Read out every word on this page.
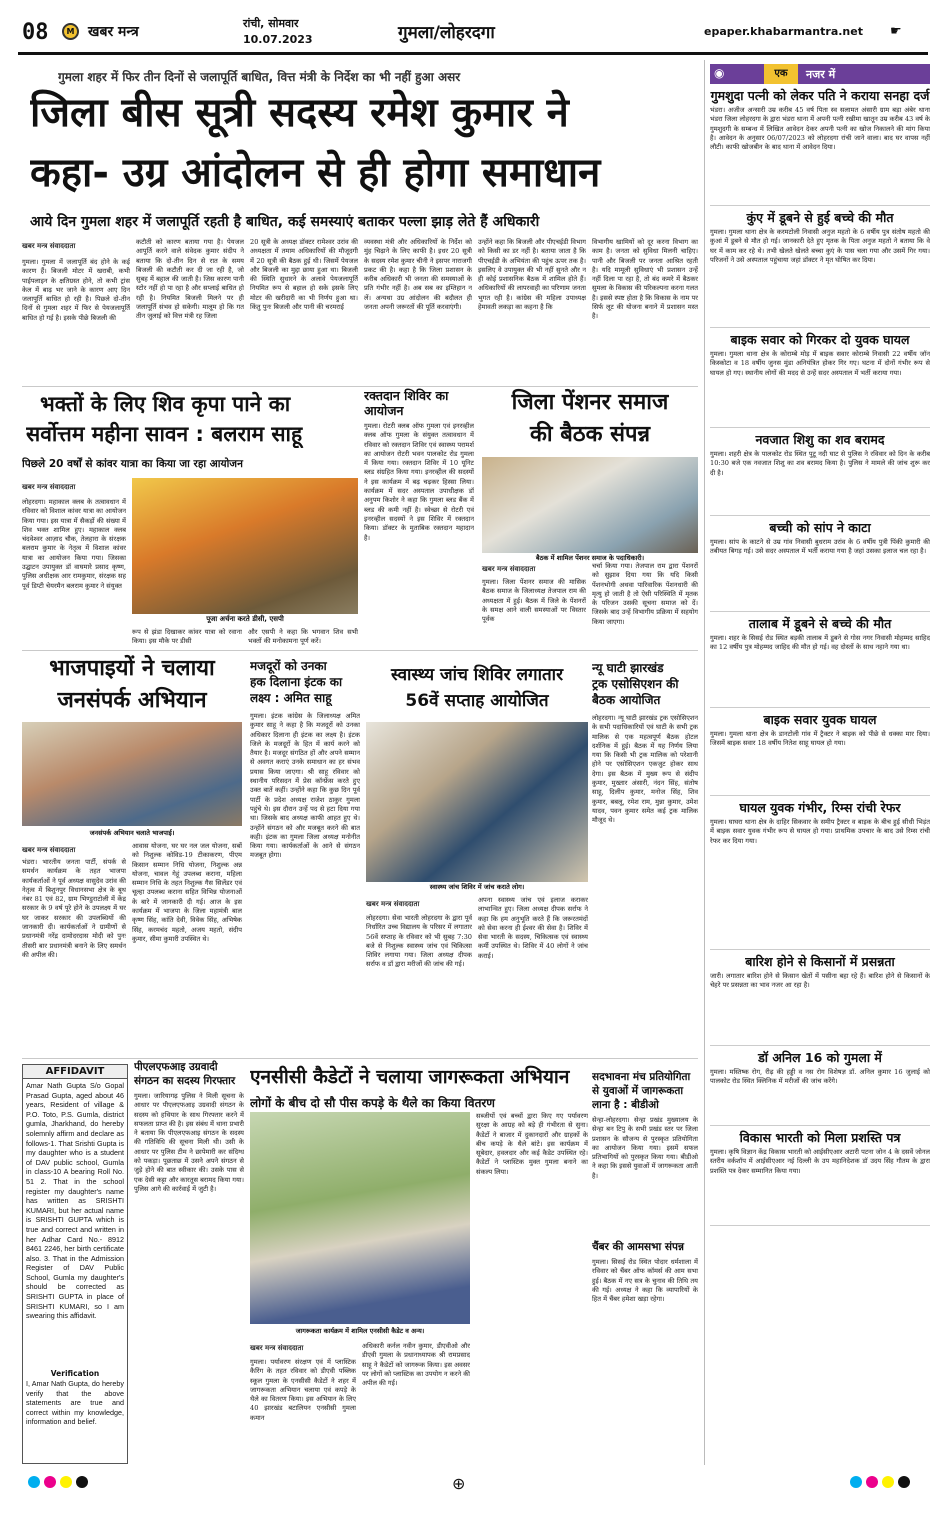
08	M खबर मन्त्र
रांची, सोमवार
10.07.2023	गुमला/लोहरदगा	epaper.khabarmantra.net ☛
गुमला शहर में फिर तीन दिनों से जलापूर्ति बाधित, वित्त मंत्री के निर्देश का भी नहीं हुआ असर
जिला बीस सूत्री सदस्य रमेश कुमार ने
कहा- उग्र आंदोलन से ही होगा समाधान
आये दिन गुमला शहर में जलापूर्ति रहती है बाधित, कई समस्याएं बताकर पल्ला झाड़ लेते हैं अधिकारी
खबर मन्त्र संवाददाता
गुमला। गुमला में जलापूर्ति बंद होने के कई कारण हैं। बिजली मोटर में खराबी, कभी पाईपलाइन के क्षतिग्रस्त होने, तो कभी ट्रांस केल में बाढ़ भर जाने के कारण आए दिन जलापूर्ति बाधित हो रही है। पिछले दो-तीन दिनों से गुमला शहर में फिर से पेयजलापूर्ति बाधित हो गई है। इसके पीछे बिजली की
कटौती को कारण बताया गया है। पेयजल आपूर्ति करने वाले संवेदक कुमार संदीप ने बताया कि दो-तीन दिन से रात के समय बिजली की कटौती कर दी जा रही है, जो सुबह में बहाल की जाती है। जिस कारण पानी स्टोर नहीं हो पा रहा है और सप्लाई बाधित हो रही है। नियमित बिजली मिलने पर ही जलापूर्ति संभव हो सकेगी। मालूम हो कि गत तीन जुलाई को वित्त मंत्री रह जिला
20 सूत्री के अध्यक्ष डॉक्टर रामेश्वर उरांव की अध्यक्षता में तमाम अधिकारियों की मौजूदगी में 20 सूत्री की बैठक हुई थी। जिसमें पेयजल और बिजली का मुद्दा छाया हुआ था। बिजली की स्थिति सुधारने के अलावे पेयजलापूर्ति नियमित रूप से बहाल हो सके इसके लिए मोटर की खरीदारी का भी निर्णय हुआ था। किंतु पुनः बिजली और पानी की चरमराई
व्यवस्था मंत्री और अधिकारियों के निर्देश को मुंह चिढ़ाने के लिए काफी है। इधर 20 सूत्री के सदस्य रमेश कुमार चीनी ने इसपर नाराजगी प्रकट की है। कहा है कि जिला प्रशासन के करीब अधिकारी भी जनता की समस्याओं के प्रति गंभीर नहीं है। अब सब का इम्तिहान न लें। अन्यथा उग्र आंदोलन की बदौलत ही जनता अपनी जरूरतों की पूर्ति करवाएंगी।
उन्होंने कहा कि बिजली और पीएचईडी विभाग को किसी का डर नहीं है। बताया जाता है कि पीएचईडी के अभियंता की पहुंच ऊपर तक है। इसलिए वे उपायुक्त की भी नहीं सुनते और न ही कोई प्रशासनिक बैठक में शामिल होते हैं। अधिकारियों की लापरवाही का परिणाम जनता भुगत रही है। कांग्रेस की महिला उपाध्यक्ष हेमावती लकड़ा का कहना है कि
विभागीय खामियों को दूर करना विभाग का काम है। जनता को सुविधा मिलनी चाहिए। पानी और बिजली पर जनता आश्रित रहती है। यदि मामूली सुविधाएं भी प्रशासन उन्हें नहीं दिला पा रहा है, तो बंद कमरे में बैठकर सुमला के विकास की परिकल्पना करना गलत है। इससे स्पष्ट होता है कि विकास के नाम पर सिर्फ लूट की योजना बनाने में प्रशासन मस्त है।
भक्तों के लिए शिव कृपा पाने का
सर्वोत्तम महीना सावन : बलराम साहू
पिछले 20 वर्षों से कांवर यात्रा का किया जा रहा आयोजन
खबर मन्त्र संवाददाता
लोहरदगा। महाकाल क्लब के तत्वावधान में रविवार को विशाल कांवर यात्रा का आयोजन किया गया। इस यात्रा में सैकड़ों की संख्या में शिव भक्त शामिल हुए। महाकाल क्लब चंदवेश्वर आज़ाद चौक, तेलहारा के संरक्षक बलराम कुमार के नेतृत्व में विशाल कांवर यात्रा का आयोजन किया गया। जिसका उद्घाटन उपायुक्त डॉ वाघमारे प्रसाद कृष्ण, पुलिस अधीक्षक आर रामकुमार, संरक्षक सह पूर्व डिप्टी चेयरमैन बलराम कुमार ने संयुक्त
पूजा अर्चना करते डीसी, एसपी
रूप से झंडा दिखाकर कांवर यात्रा को रवाना किया। इस मौके पर डीसी
और एसपी ने कहा कि भगवान शिव सभी भक्तों की मनोकामना पूर्ण करें।
रक्तदान शिविर का आयोजन
गुमला। रोटरी क्लब ऑफ गुमला एवं इनरव्हील क्लब ऑफ गुमला के संयुक्त तत्वावधान में रविवार को रक्तदान शिविर एवं स्वास्थ्य परामर्श का आयोजन रोटरी भवन पालकोट रोड गुमला में किया गया। रक्तदान शिविर में 10 यूनिट ब्लड संग्रहित किया गया। इनरव्हील की सदस्यों ने इस कार्यक्रम में बढ़ चढ़कर हिस्सा लिया। कार्यक्रम में सदर अस्पताल उपाधीक्षक डॉ अनुपम किशोर ने कहा कि गुमला ब्लड बैंक में ब्लड की कमी नहीं है। स्वेच्छा से रोटरी एवं इनरव्हील सदस्यों ने इस शिविर में रक्तदान किया। डॉक्टर के मुताबिक रक्तदान महादान है।
जिला पेंशनर समाज
की बैठक संपन्न
बैठक में शामिल पेंशनर समाज के पदाधिकारी।
खबर मन्त्र संवाददाता
गुमला। जिला पेंशनर समाज की मासिक बैठक समाज के जिलाध्यक्ष तेजपाल राम की अध्यक्षता में हुई। बैठक में जिले के पेंशनरों के समक्ष आने वाली समस्याओं पर विस्तार पूर्वक
चर्चा किया गया। तेजपाल राम द्वारा पेंशनरों को सुझाव दिया गया कि यदि किसी पेंशनभोगी अथवा पारिवारिक पेंशनधारी की मृत्यु हो जाती है तो ऐसी परिस्थिति में मृतक के परिजन उसकी सूचना समाज को दें। जिसके बाद उन्हें विभागीय प्रक्रिया में सहयोग किया जाएगा।
भाजपाइयों ने चलाया
जनसंपर्क अभियान
जनसंपर्क अभियान चलाते भाजपाई।
खबर मन्त्र संवाददाता
भंडरा। भारतीय जनता पार्टी, संपर्क से समर्थन कार्यक्रम के तहत भाजपा कार्यकर्ताओं ने पूर्व अध्यक्ष वासुदेव उरांव की नेतृत्व में बिशुनपुर विधानसभा क्षेत्र के बूथ नंबर 81 एवं 82, ग्राम भिण्डुराटोली में केंद्र सरकार के 9 वर्ष पूरे होने के उपलक्ष्य में घर घर जाकर सरकार की उपलब्धियों की जानकारी दी। कार्यकर्ताओं ने ग्रामीणों से प्रधानमंत्री नरेंद्र दामोदरदास मोदी को पुनः तीसरी बार प्रधानमंत्री बनाने के लिए समर्थन की अपील की।
आवास योजना, घर घर नल जल योजना, सबों को निशुल्क कोविड-19 टीकाकरण, पीएम किसान सम्मान निधि योजना, निशुल्क अन्न योजना, चावल गेहूं उपलब्ध कराना, महिला सम्मान निधि के तहत निशुल्क गैस सिलेंडर एवं चूल्हा उपलब्ध कराना सहित विभिन्न योजनाओं के बारे में जानकारी दी गई। आज के इस कार्यक्रम में भाजपा के जिला महामंत्री बाल कृष्ण सिंह, कांति देवी, विवेक सिंह, अभिषेक सिंह, करमचंद महतो, अजय महतो, संदीप कुमार, सीमा कुमारी उपस्थित थे।
मजदूरों को उनका
हक दिलाना इंटक का
लक्ष्य : अमित साहू
गुमला। इंटक कांग्रेस के जिलाध्यक्ष अमित कुमार साहू ने कहा है कि मजदूरों को उनका अधिकार दिलाना ही इंटक का लक्ष्य है। इंटक जिले के मजदूरों के हित में कार्य करने को तैयार है। मजदूर संगठित हों और अपने सम्मान से अवगत कराएं उनके समाधान का हर संभव प्रयास किया जाएगा। श्री साहू रविवार को स्थानीय परिसदन में प्रेस कॉन्फ्रेंस करते हुए उक्त बातें कहीं। उन्होंने कहा कि कुछ दिन पूर्व पार्टी के प्रदेश अध्यक्ष राजेश ठाकुर गुमला पहुंचे थे। इस दौरान उन्हें पद से हटा दिया गया था। जिसके बाद अध्यक्ष काफी आहत हुए थे। उन्होंने संगठन को और मजबूत करने की बात कही। इंटक का गुमला जिला अध्यक्ष मनोनीत किया गया। कार्यकर्ताओं के आने से संगठन मजबूत होगा।
स्वास्थ्य जांच शिविर लगातार
56वें सप्ताह आयोजित
स्वास्थ्य जांच शिविर में जांच कराते लोग।
खबर मन्त्र संवाददाता
लोहरदगा। सेवा भारती लोहरदगा के द्वारा पूर्व निर्धारित उच्च विद्यालय के परिसर में लगातार 56वें सप्ताह के रविवार को भी सुबह 7:30 बजे से निशुल्क स्वास्थ्य जांच एवं चिकित्सा शिविर लगाया गया। जिला अध्यक्ष दीपक सर्राफ व डॉ द्वारा मरीजों की जांच की गई।
अपना स्वास्थ्य जांच एवं इलाज कराकर लाभान्वित हुए। जिला अध्यक्ष दीपक सर्राफ ने कहा कि हम अनुभूति करते हैं कि जरूरतमंदों को सेवा करना ही ईश्वर की सेवा है। शिविर में सेवा भारती के सदस्य, चिकित्सक एवं स्वास्थ्य कर्मी उपस्थित थे। शिविर में 40 लोगों ने जांच कराई।
न्यू घाटी झारखंड
ट्रक एसोसिएशन की
बैठक आयोजित
लोहरदगा। न्यू घाटी झारखंड ट्रक एसोसिएशन के सभी पदाधिकारियों एवं घाटी के सभी ट्रक मालिक से एक महत्वपूर्ण बैठक होटल दर्शनिक में हुई। बैठक में यह निर्णय लिया गया कि किसी भी ट्रक मालिक को परेशानी होने पर एसोसिएशन एकजुट होकर साथ देगा। इस बैठक में मुख्य रूप से संदीप कुमार, मुख्तार अंसारी, नंदन सिंह, संतोष साहू, दिलीप कुमार, मनोज सिंह, शिव कुमार, बबलू, रमेश राम, मुन्ना कुमार, उमेश यादव, पवन कुमार समेत कई ट्रक मालिक मौजूद थे।
AFFIDAVIT
Amar Nath Gupta S/o Gopal Prasad Gupta, aged about 46 years, Resident of village & P.O. Toto, P.S. Gumla, district gumla, Jharkhand, do hereby solemnly affirm and declare as follows-1. That Srishti Gupta is my daughter who is a student of DAV public school, Gumla in class-10 A bearing Roll No. 51 2. That in the school register my daughter's name has written as SRISHTI KUMARI, but her actual name is SRISHTI GUPTA which is true and correct and written in her Adhar Card No.- 8912 8461 2246, her birth certificate also. 3. That in the Admission Register of DAV Public School, Gumla my daughter's should be corrected as SRISHTI GUPTA in place of SRISHTI KUMARI, so I am swearing this affidavit.
Verification
I, Amar Nath Gupta, do hereby verify that the above statements are true and correct within my knowledge, information and belief.
पीएलएफआइ उग्रवादी
संगठन का सदस्य गिरफ्तार
गुमला। जारियागढ़ पुलिस ने मिली सूचना के आधार पर पीएलएफआइ उग्रवादी संगठन के सदस्य को हथियार के साथ गिरफ्तार करने में सफलता प्राप्त की है। इस संबंध में थाना प्रभारी ने बताया कि पीएलएफआइ संगठन के सदस्य की गतिविधि की सूचना मिली थी। उसी के आधार पर पुलिस टीम ने छापेमारी कर संदिग्ध को पकड़ा। पूछताछ में उसने अपने संगठन से जुड़े होने की बात स्वीकार की। उसके पास से एक देसी कट्टा और कारतूस बरामद किया गया। पुलिस आगे की कार्रवाई में जुटी है।
एनसीसी कैडेटों ने चलाया जागरूकता अभियान
लोगों के बीच दो सौ पीस कपड़े के थैले का किया वितरण
जागरूकता कार्यक्रम में शामिल एनसीसी कैडेट व अन्य।
खबर मन्त्र संवाददाता
गुमला। पर्यावरण संरक्षण एवं में प्लास्टिक कैरिंग के तहत रविवार को डीएवी पब्लिक स्कूल गुमला के एनसीसी कैडेटों ने शहर में जागरूकता अभियान चलाया एवं कपड़े के थैले का वितरण किया। इस अभियान के लिए 40 झारखंड बटालियन एनसीसी गुमला कमान
अधिकारी कर्नल नवीन कुमार, डीएवीओ और डीएवी गुमला के प्रधानाध्यापक श्री रामप्रसाद साहू ने कैडेटों को जागरूक किया। इस अवसर पर लोगों को प्लास्टिक का उपयोग न करने की अपील की गई।
सब्जीयों एवं बच्चों द्वारा किए गए पर्यावरण सुरक्षा के आग्रह को बड़े ही गंभीरता से सुना। कैडेटों ने बाजार में दुकानदारों और ग्राहकों के बीच कपड़े के थैले बांटे। इस कार्यक्रम में सूबेदार, हवलदार और कई कैडेट उपस्थित रहे। कैडेटों ने प्लास्टिक मुक्त गुमला बनाने का संकल्प लिया।
सदभावना मंच प्रतियोगिता
से युवाओं में जागरूकता
लाना है : बीडीओ
सेन्हा-लोहरदगा। सेन्हा प्रखंड मुख्यालय के सेन्हा बन टिपु के सभी प्रखंड स्तर पर जिला प्रशासन के सौजन्य से पुरस्कृत प्रतियोगिता का आयोजन किया गया। इसमें सफल प्रतिभागियों को पुरस्कृत किया गया। बीडीओ ने कहा कि इससे युवाओं में जागरूकता आती है।
चैंबर की आमसभा संपन्न
गुमला। सिसई रोड स्थित पोदार धर्मशाला में रविवार को चैंबर ऑफ कॉमर्स की आम सभा हुई। बैठक में नए सत्र के चुनाव की तिथि तय की गई। अध्यक्ष ने कहा कि व्यापारियों के हित में चैंबर हमेशा खड़ा रहेगा।
◉	एक	नजर में
गुमशुदा पत्नी को लेकर पति ने कराया सनहा दर्ज
भंडरा। अजीज अन्सारी उम्र करीब 45 वर्ष पिता स्व सलामत अंसारी ग्राम बड़ा अंबेर थाना भंडरा जिला लोहरदगा के द्वारा भंडरा थाना में अपनी पत्नी रखीमा खातून उम्र करीब 43 वर्ष के गुमशुदगी के सम्बन्ध में लिखित आवेदन देकर अपनी पत्नी का खोज निकालने की मांग किया है। आवेदन के अनुसार 06/07/2023 को लोहरदगा रांची जाने वाला। बाद घर वापस नहीं लौटी। काफी खोजबीन के बाद थाना में आवेदन दिया।
कुंए में डूबने से हुई बच्चे की मौत
गुमला। गुमला थाना क्षेत्र के करमटोली निवासी अनुज महतो के 6 वर्षीय पुत्र संतोष महतो की कुआं में डूबने से मौत हो गई। जानकारी देते हुए मृतक के पिता अनुज महतो ने बताया कि वे घर में काम कर रहे थे। तभी खेलते खेलते बच्चा कुएं के पास चला गया और उसमें गिर गया। परिजनों ने उसे अस्पताल पहुंचाया जहां डॉक्टर ने मृत घोषित कर दिया।
बाइक सवार को गिरकर दो युवक घायल
गुमला। गुमला थाना क्षेत्र के कोराम्बे मोड़ में बाइक सवार कोराम्बे निवासी 22 वर्षीय जॉन किस्कोटा व 18 वर्षीय जुनस मुंडा अनियंत्रित होकर गिर गए। घटना में दोनों गंभीर रूप से घायल हो गए। स्थानीय लोगों की मदद से उन्हें सदर अस्पताल में भर्ती कराया गया।
नवजात शिशु का शव बरामद
गुमला। शहरी क्षेत्र के पालकोट रोड स्थित पुटू नदी घाट से पुलिस ने रविवार को दिन के करीब 10:30 बजे एक नवजात शिशु का शव बरामद किया है। पुलिस ने मामले की जांच शुरू कर दी है।
बच्ची को सांप ने काटा
गुमला। सांप के काटने से उम्र गांव निवासी बुधराम उरांव के 6 वर्षीय पुत्री पिंकी कुमारी की तबीयत बिगड़ गई। उसे सदर अस्पताल में भर्ती कराया गया है जहां उसका इलाज चल रहा है।
तालाब में डूबने से बच्चे की मौत
गुमला। शहर के सिसई रोड स्थित बड़की तालाब में डूबने से गोस नगर निवासी मोहम्मद साहिद का 12 वर्षीय पुत्र मोहम्मद जाहिद की मौत हो गई। वह दोस्तों के साथ नहाने गया था।
बाइक सवार युवक घायल
गुमला। गुमला थाना क्षेत्र के डानटोली गांव में ट्रैक्टर ने बाइक को पीछे से धक्का मार दिया। जिसमें बाइक सवार 18 वर्षीय नितेश साहू घायल हो गया।
घायल युवक गंभीर, रिम्स रांची रेफर
गुमला। घाघरा थाना क्षेत्र के दाहिर सिकवार के समीप ट्रैक्टर व बाइक के बीच हुई सीधी भिड़ंत में बाइक सवार युवक गंभीर रूप से घायल हो गया। प्राथमिक उपचार के बाद उसे रिम्स रांची रेफर कर दिया गया।
बारिश होने से किसानों में प्रसन्नता
जारी। लगातार बारिश होने से किसान खेतों में पसीना बहा रहे हैं। बारिश होने से किसानों के चेहरे पर प्रसन्नता का भाव नजर आ रहा है।
डॉ अनिल 16 को गुमला में
गुमला। मस्तिष्क रोग, रीढ़ की हड्डी व नस रोग विशेषज्ञ डॉ. अनिल कुमार 16 जुलाई को पालकोट रोड स्थित क्लिनिक में मरीजों की जांच करेंगे।
विकास भारती को मिला प्रशस्ति पत्र
गुमला। कृषि विज्ञान केंद्र विकास भारती को आईसीएआर अटारी पटना जोन 4 के दसवें जोनल स्तरीय वर्कशॉप में आईसीएआर नई दिल्ली के उप महानिदेशक डॉ उदय सिंह गौतम के द्वारा प्रशस्ति पत्र देकर सम्मानित किया गया।
⊕
